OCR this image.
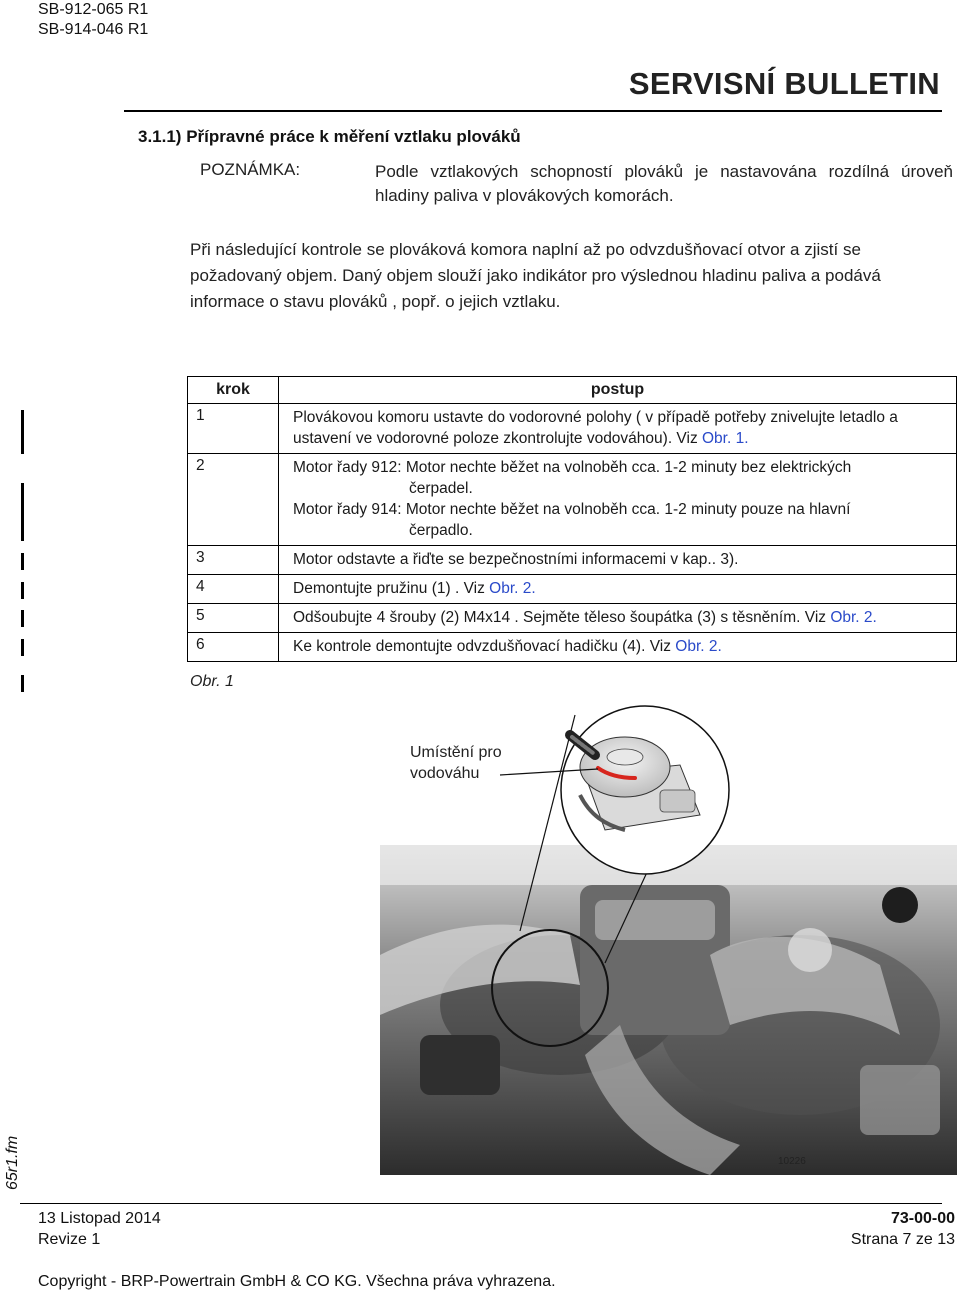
SB-912-065 R1
SB-914-046 R1
SERVISNÍ BULLETIN
3.1.1) Přípravné práce k měření vztlaku plováků
POZNÁMKA:	Podle vztlakových schopností plováků je nastavována rozdílná úroveň hladiny paliva v plovákových komorách.
Při následující kontrole se plováková komora naplní až po odvzdušňovací otvor a zjistí se požadovaný objem. Daný objem slouží jako indikátor pro výslednou hladinu paliva a podává informace o stavu plováků , popř. o jejich vztlaku.
krok	postup
1	Plovákovou komoru ustavte do vodorovné polohy ( v případě potřeby znivelujte letadlo a ustavení ve vodorovné poloze zkontrolujte vodováhou). Viz Obr. 1.
2	Motor řady 912: Motor nechte běžet na volnoběh cca. 1-2 minuty bez elektrických
čerpadel.
Motor řady 914: Motor nechte běžet na volnoběh cca. 1-2 minuty pouze na hlavní
čerpadlo.

3	Motor odstavte a řiďte se bezpečnostními informacemi v kap.. 3).
4	Demontujte pružinu (1) . Viz Obr. 2.
5	Odšoubujte 4 šrouby (2) M4x14 . Sejměte těleso šoupátka (3) s těsněním. Viz Obr. 2.
6	Ke kontrole demontujte odvzdušňovací hadičku (4). Viz Obr. 2.
Obr. 1
Umístění pro
vodováhu
10226
65r1.fm
13 Listopad 2014
Revize 1
73-00-00
Strana 7 ze 13
Copyright - BRP-Powertrain GmbH & CO KG. Všechna práva vyhrazena.
